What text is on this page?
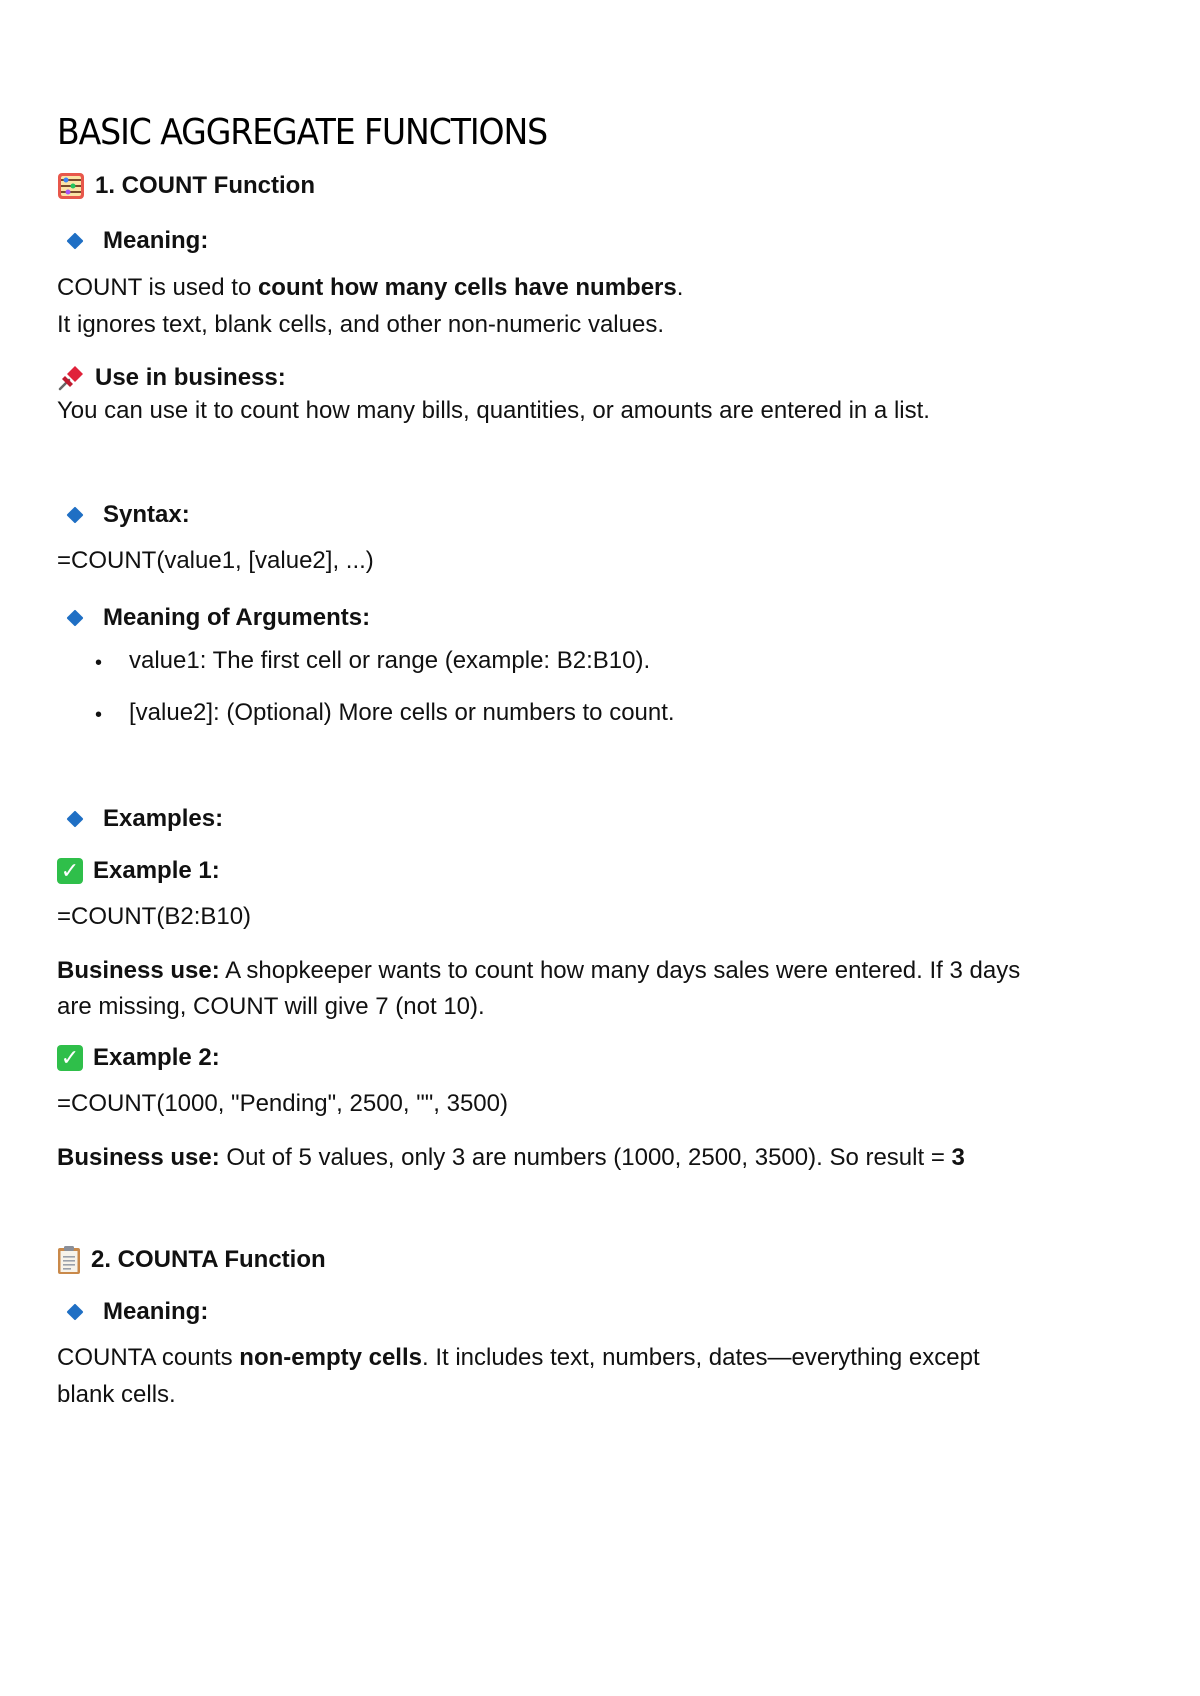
BASIC AGGREGATE FUNCTIONS
1. COUNT Function
Meaning:
COUNT is used to count how many cells have numbers.
It ignores text, blank cells, and other non-numeric values.
Use in business:
You can use it to count how many bills, quantities, or amounts are entered in a list.
Syntax:
=COUNT(value1, [value2], ...)
Meaning of Arguments:
• value1: The first cell or range (example: B2:B10).
• [value2]: (Optional) More cells or numbers to count.
Examples:
✓ Example 1:
=COUNT(B2:B10)
Business use: A shopkeeper wants to count how many days sales were entered. If 3 days
are missing, COUNT will give 7 (not 10).
✓ Example 2:
=COUNT(1000, "Pending", 2500, "", 3500)
Business use: Out of 5 values, only 3 are numbers (1000, 2500, 3500). So result = 3
2. COUNTA Function
Meaning:
COUNTA counts non-empty cells. It includes text, numbers, dates—everything except
blank cells.
